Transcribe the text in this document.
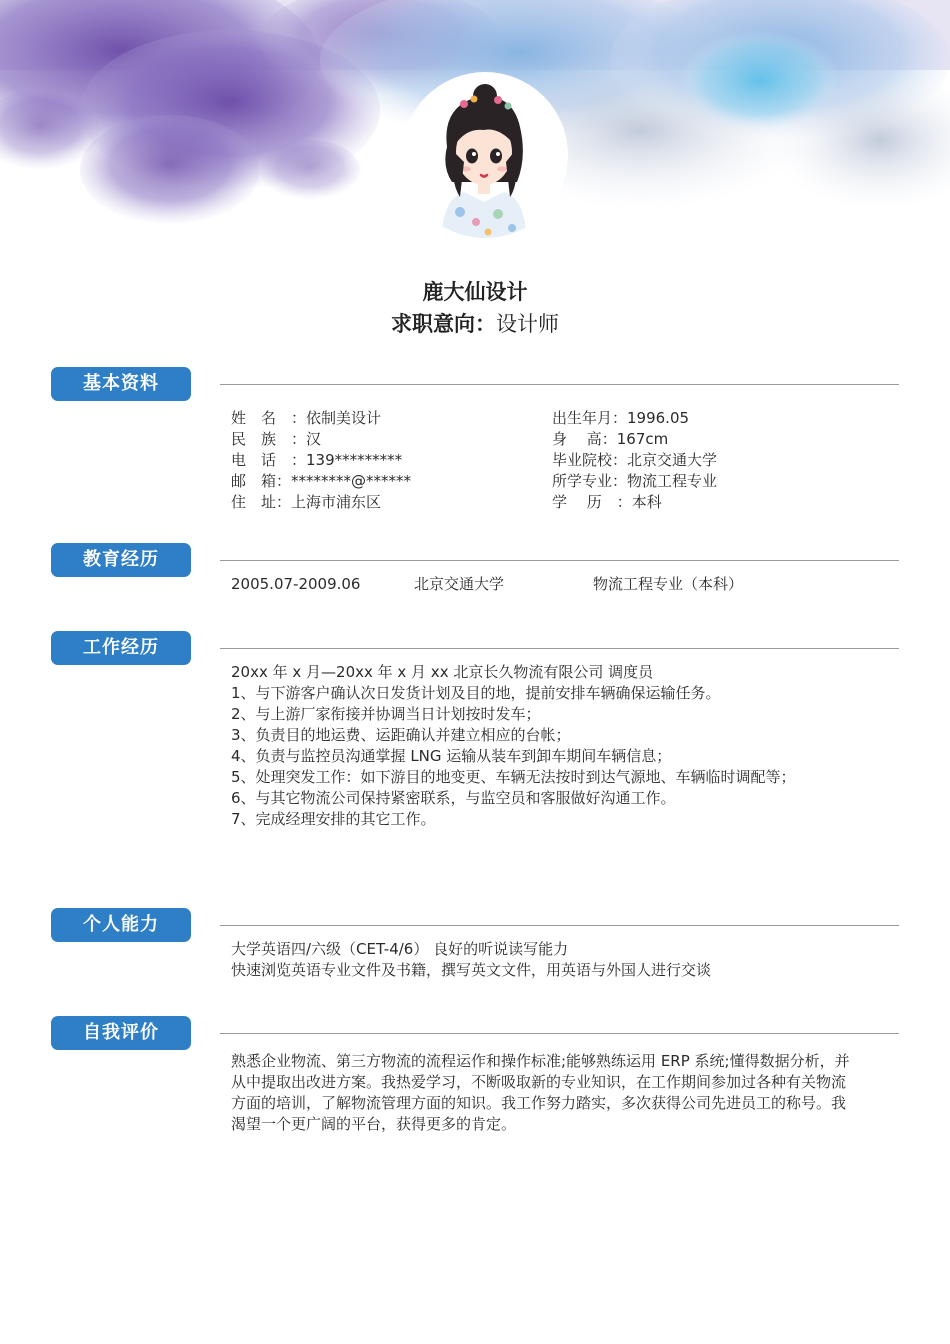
鹿大仙设计
求职意向：设计师
基本资料
姓　名　：依制美设计
民　族　：汉
电　话　：139*********
邮　箱：********@******
住　址：上海市浦东区
出生年月：1996.05
身　 高：167cm
毕业院校：北京交通大学
所学专业：物流工程专业
学　 历　：本科
教育经历
2005.07-2009.06	北京交通大学	物流工程专业（本科）
工作经历
20xx 年 x 月—20xx 年 x 月 xx 北京长久物流有限公司 调度员
1、与下游客户确认次日发货计划及目的地，提前安排车辆确保运输任务。
2、与上游厂家衔接并协调当日计划按时发车；
3、负责目的地运费、运距确认并建立相应的台帐；
4、负责与监控员沟通掌握 LNG 运输从装车到卸车期间车辆信息；
5、处理突发工作：如下游目的地变更、车辆无法按时到达气源地、车辆临时调配等；
6、与其它物流公司保持紧密联系，与监空员和客服做好沟通工作。
7、完成经理安排的其它工作。
个人能力
大学英语四/六级（CET-4/6） 良好的听说读写能力
快速浏览英语专业文件及书籍，撰写英文文件，用英语与外国人进行交谈
自我评价
熟悉企业物流、第三方物流的流程运作和操作标准;能够熟练运用 ERP 系统;懂得数据分析，并
从中提取出改进方案。我热爱学习，不断吸取新的专业知识，在工作期间参加过各种有关物流
方面的培训，了解物流管理方面的知识。我工作努力踏实，多次获得公司先进员工的称号。我
渴望一个更广阔的平台，获得更多的肯定。
